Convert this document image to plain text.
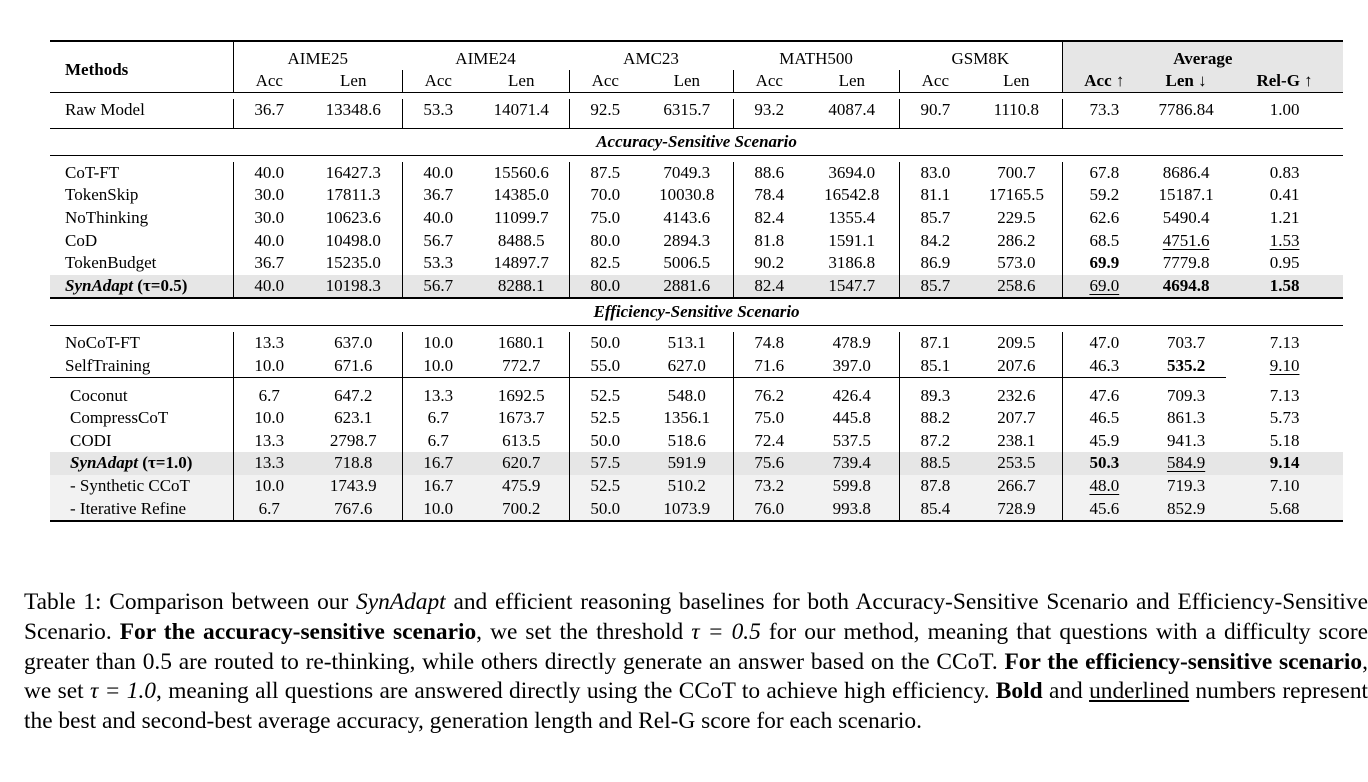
Methods	AIME25		AIME24		AMC23		MATH500		GSM8K		Average		
	Acc	Len	Acc	Len	Acc	Len	Acc	Len	Acc	Len	Acc ↑	Len ↓	Rel-G ↑

Raw Model	36.7	13348.6	53.3	14071.4	92.5	6315.7	93.2	4087.4	90.7	1110.8	73.3	7786.84	1.00

Accuracy-Sensitive Scenario													

CoT-FT	40.0	16427.3	40.0	15560.6	87.5	7049.3	88.6	3694.0	83.0	700.7	67.8	8686.4	0.83
TokenSkip	30.0	17811.3	36.7	14385.0	70.0	10030.8	78.4	16542.8	81.1	17165.5	59.2	15187.1	0.41
NoThinking	30.0	10623.6	40.0	11099.7	75.0	4143.6	82.4	1355.4	85.7	229.5	62.6	5490.4	1.21
CoD	40.0	10498.0	56.7	8488.5	80.0	2894.3	81.8	1591.1	84.2	286.2	68.5	4751.6	1.53
TokenBudget	36.7	15235.0	53.3	14897.7	82.5	5006.5	90.2	3186.8	86.9	573.0	69.9	7779.8	0.95
SynAdapt (τ=0.5)	40.0	10198.3	56.7	8288.1	80.0	2881.6	82.4	1547.7	85.7	258.6	69.0	4694.8	1.58
Efficiency-Sensitive Scenario													

NoCoT-FT	13.3	637.0	10.0	1680.1	50.0	513.1	74.8	478.9	87.1	209.5	47.0	703.7	7.13
SelfTraining	10.0	671.6	10.0	772.7	55.0	627.0	71.6	397.0	85.1	207.6	46.3	535.2	9.10

Coconut	6.7	647.2	13.3	1692.5	52.5	548.0	76.2	426.4	89.3	232.6	47.6	709.3	7.13
CompressCoT	10.0	623.1	6.7	1673.7	52.5	1356.1	75.0	445.8	88.2	207.7	46.5	861.3	5.73
CODI	13.3	2798.7	6.7	613.5	50.0	518.6	72.4	537.5	87.2	238.1	45.9	941.3	5.18
SynAdapt (τ=1.0)	13.3	718.8	16.7	620.7	57.5	591.9	75.6	739.4	88.5	253.5	50.3	584.9	9.14
- Synthetic CCoT	10.0	1743.9	16.7	475.9	52.5	510.2	73.2	599.8	87.8	266.7	48.0	719.3	7.10
- Iterative Refine	6.7	767.6	10.0	700.2	50.0	1073.9	76.0	993.8	85.4	728.9	45.6	852.9	5.68
Table 1: Comparison between our SynAdapt and efficient reasoning baselines for both Accuracy-Sensitive Scenario and Efficiency-Sensitive Scenario. For the accuracy-sensitive scenario, we set the threshold τ = 0.5 for our method, meaning that questions with a difficulty score greater than 0.5 are routed to re-thinking, while others directly generate an answer based on the CCoT. For the efficiency-sensitive scenario, we set τ = 1.0, meaning all questions are answered directly using the CCoT to achieve high efficiency. Bold and underlined numbers represent the best and second-best average accuracy, generation length and Rel-G score for each scenario.
